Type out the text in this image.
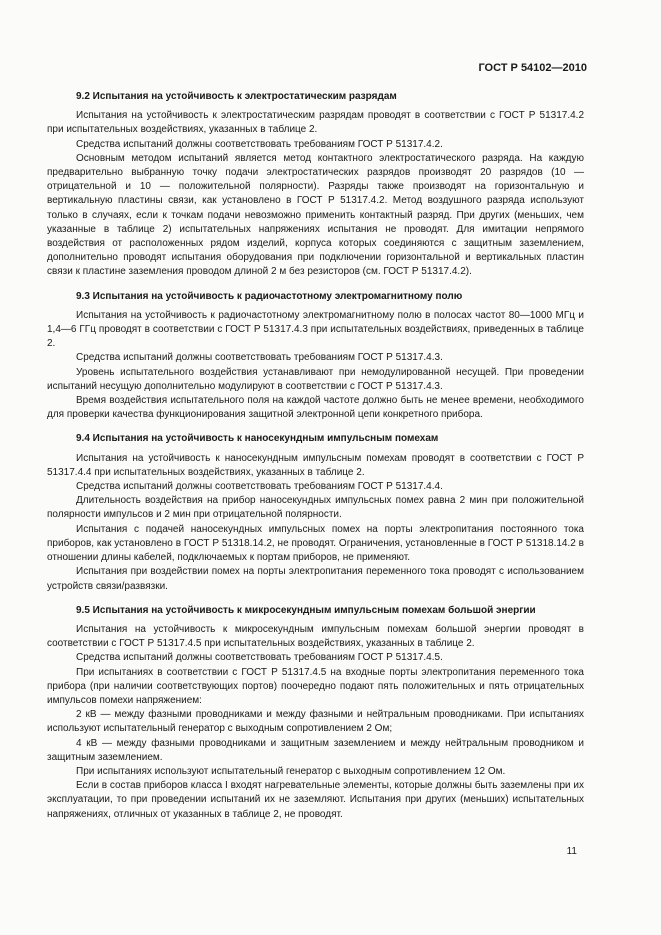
ГОСТ Р 54102—2010
9.2 Испытания на устойчивость к электростатическим разрядам

Испытания на устойчивость к электростатическим разрядам проводят в соответствии с ГОСТ Р 51317.4.2 при испытательных воздействиях, указанных в таблице 2.

Средства испытаний должны соответствовать требованиям ГОСТ Р 51317.4.2.

Основным методом испытаний является метод контактного электростатического разряда. На каждую предварительно выбранную точку подачи электростатических разрядов производят 20 разрядов (10 — отрицательной и 10 — положительной полярности). Разряды также производят на горизонтальную и вертикальную пластины связи, как установлено в ГОСТ Р 51317.4.2. Метод воздушного разряда используют только в случаях, если к точкам подачи невозможно применить контактный разряд. При других (меньших, чем указанные в таблице 2) испытательных напряжениях испытания не проводят. Для имитации непрямого воздействия от расположенных рядом изделий, корпуса которых соединяются с защитным заземлением, дополнительно проводят испытания оборудования при подключении горизонтальной и вертикальных пластин связи к пластине заземления проводом длиной 2 м без резисторов (см. ГОСТ Р 51317.4.2).

9.3 Испытания на устойчивость к радиочастотному электромагнитному полю

Испытания на устойчивость к радиочастотному электромагнитному полю в полосах частот 80—1000 МГц и 1,4—6 ГГц проводят в соответствии с ГОСТ Р 51317.4.3 при испытательных воздействиях, приведенных в таблице 2.

Средства испытаний должны соответствовать требованиям ГОСТ Р 51317.4.3.

Уровень испытательного воздействия устанавливают при немодулированной несущей. При проведении испытаний несущую дополнительно модулируют в соответствии с ГОСТ Р 51317.4.3.

Время воздействия испытательного поля на каждой частоте должно быть не менее времени, необходимого для проверки качества функционирования защитной электронной цепи конкретного прибора.

9.4 Испытания на устойчивость к наносекундным импульсным помехам

Испытания на устойчивость к наносекундным импульсным помехам проводят в соответствии с ГОСТ Р 51317.4.4 при испытательных воздействиях, указанных в таблице 2.

Средства испытаний должны соответствовать требованиям ГОСТ Р 51317.4.4.

Длительность воздействия на прибор наносекундных импульсных помех равна 2 мин при положительной полярности импульсов и 2 мин при отрицательной полярности.

Испытания с подачей наносекундных импульсных помех на порты электропитания постоянного тока приборов, как установлено в ГОСТ Р 51318.14.2, не проводят. Ограничения, установленные в ГОСТ Р 51318.14.2 в отношении длины кабелей, подключаемых к портам приборов, не применяют.

Испытания при воздействии помех на порты электропитания переменного тока проводят с использованием устройств связи/развязки.

9.5 Испытания на устойчивость к микросекундным импульсным помехам большой энергии

Испытания на устойчивость к микросекундным импульсным помехам большой энергии проводят в соответствии с ГОСТ Р 51317.4.5 при испытательных воздействиях, указанных в таблице 2.

Средства испытаний должны соответствовать требованиям ГОСТ Р 51317.4.5.

При испытаниях в соответствии с ГОСТ Р 51317.4.5 на входные порты электропитания переменного тока прибора (при наличии соответствующих портов) поочередно подают пять положительных и пять отрицательных импульсов помехи напряжением:

2 кВ — между фазными проводниками и между фазными и нейтральным проводниками. При испытаниях используют испытательный генератор с выходным сопротивлением 2 Ом;

4 кВ — между фазными проводниками и защитным заземлением и между нейтральным проводником и защитным заземлением.

При испытаниях используют испытательный генератор с выходным сопротивлением 12 Ом.

Если в состав приборов класса I входят нагревательные элементы, которые должны быть заземлены при их эксплуатации, то при проведении испытаний их не заземляют. Испытания при других (меньших) испытательных напряжениях, отличных от указанных в таблице 2, не проводят.

11
